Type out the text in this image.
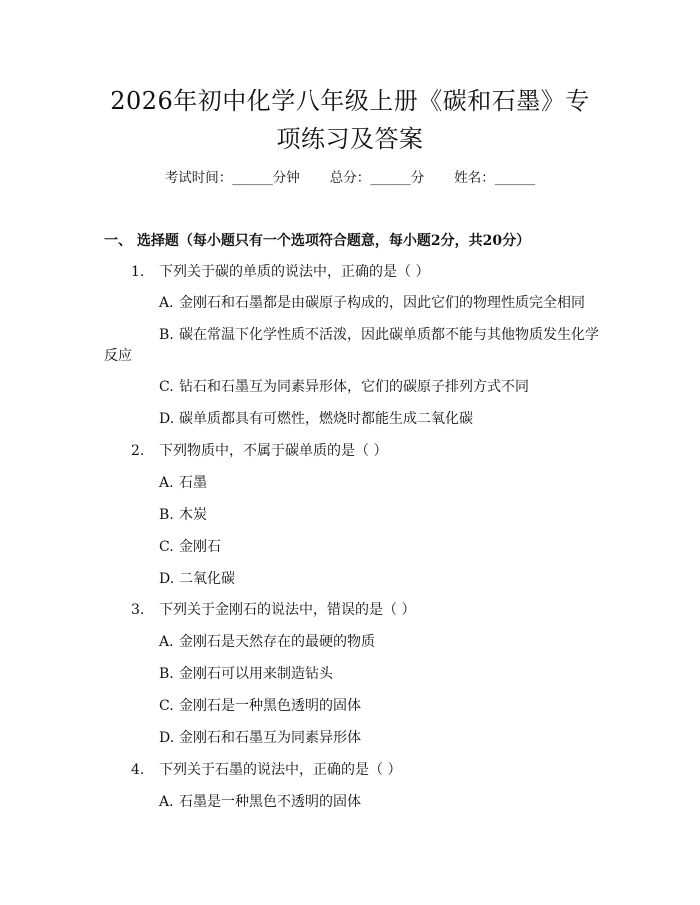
2026年初中化学八年级上册《碳和石墨》专
项练习及答案
考试时间：______分钟 总分：______分 姓名：______
一、 选择题（每小题只有一个选项符合题意，每小题2分，共20分）
1. 下列关于碳的单质的说法中，正确的是（ ）
A. 金刚石和石墨都是由碳原子构成的，因此它们的物理性质完全相同
B. 碳在常温下化学性质不活泼，因此碳单质都不能与其他物质发生化学
反应
C. 钻石和石墨互为同素异形体，它们的碳原子排列方式不同
D. 碳单质都具有可燃性，燃烧时都能生成二氧化碳
2. 下列物质中，不属于碳单质的是（ ）
A. 石墨
B. 木炭
C. 金刚石
D. 二氧化碳
3. 下列关于金刚石的说法中，错误的是（ ）
A. 金刚石是天然存在的最硬的物质
B. 金刚石可以用来制造钻头
C. 金刚石是一种黑色透明的固体
D. 金刚石和石墨互为同素异形体
4. 下列关于石墨的说法中，正确的是（ ）
A. 石墨是一种黑色不透明的固体
